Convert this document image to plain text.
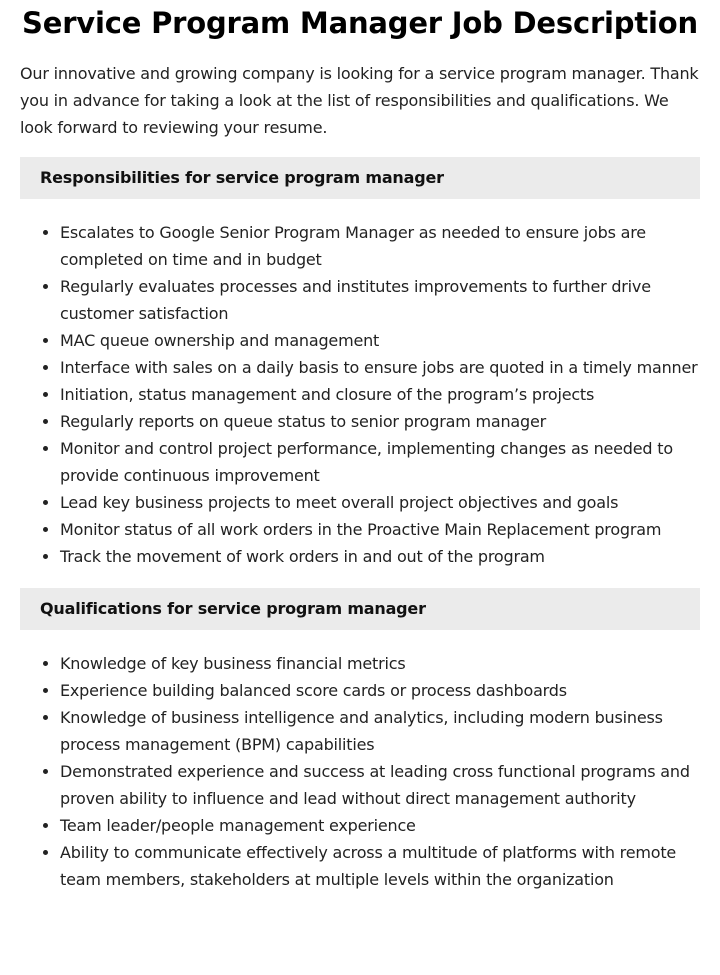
Service Program Manager Job Description

Our innovative and growing company is looking for a service program manager. Thank you in advance for taking a look at the list of responsibilities and qualifications. We look forward to reviewing your resume.

Responsibilities for service program manager
• Escalates to Google Senior Program Manager as needed to ensure jobs are completed on time and in budget
• Regularly evaluates processes and institutes improvements to further drive customer satisfaction
• MAC queue ownership and management
• Interface with sales on a daily basis to ensure jobs are quoted in a timely manner
• Initiation, status management and closure of the program’s projects
• Regularly reports on queue status to senior program manager
• Monitor and control project performance, implementing changes as needed to provide continuous improvement
• Lead key business projects to meet overall project objectives and goals
• Monitor status of all work orders in the Proactive Main Replacement program
• Track the movement of work orders in and out of the program
Qualifications for service program manager
• Knowledge of key business financial metrics
• Experience building balanced score cards or process dashboards
• Knowledge of business intelligence and analytics, including modern business process management (BPM) capabilities
• Demonstrated experience and success at leading cross functional programs and proven ability to influence and lead without direct management authority
• Team leader/people management experience
• Ability to communicate effectively across a multitude of platforms with remote team members, stakeholders at multiple levels within the organization
